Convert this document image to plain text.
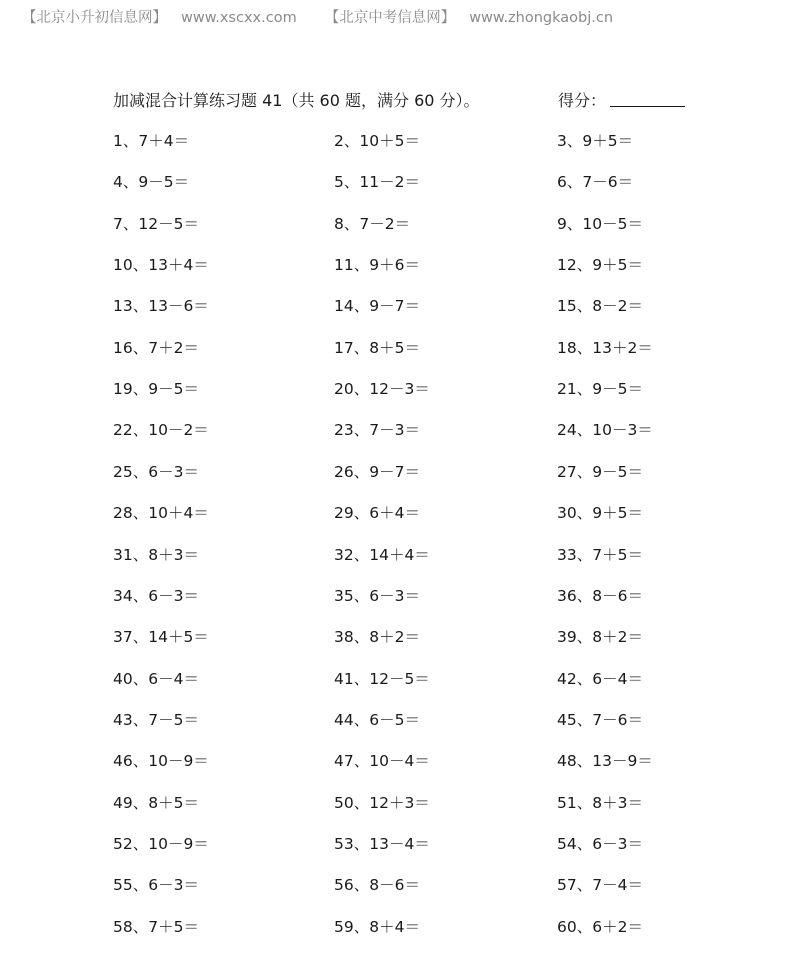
【北京小升初信息网】 www.xscxx.com 【北京中考信息网】 www.zhongkaobj.cn
加减混合计算练习题 41（共 60 题，满分 60 分）。	得分：
1、7＋4＝	2、10＋5＝	3、9＋5＝
4、9－5＝	5、11－2＝	6、7－6＝
7、12－5＝	8、7－2＝	9、10－5＝
10、13＋4＝	11、9＋6＝	12、9＋5＝
13、13－6＝	14、9－7＝	15、8－2＝
16、7＋2＝	17、8＋5＝	18、13＋2＝
19、9－5＝	20、12－3＝	21、9－5＝
22、10－2＝	23、7－3＝	24、10－3＝
25、6－3＝	26、9－7＝	27、9－5＝
28、10＋4＝	29、6＋4＝	30、9＋5＝
31、8＋3＝	32、14＋4＝	33、7＋5＝
34、6－3＝	35、6－3＝	36、8－6＝
37、14＋5＝	38、8＋2＝	39、8＋2＝
40、6－4＝	41、12－5＝	42、6－4＝
43、7－5＝	44、6－5＝	45、7－6＝
46、10－9＝	47、10－4＝	48、13－9＝
49、8＋5＝	50、12＋3＝	51、8＋3＝
52、10－9＝	53、13－4＝	54、6－3＝
55、6－3＝	56、8－6＝	57、7－4＝
58、7＋5＝	59、8＋4＝	60、6＋2＝
